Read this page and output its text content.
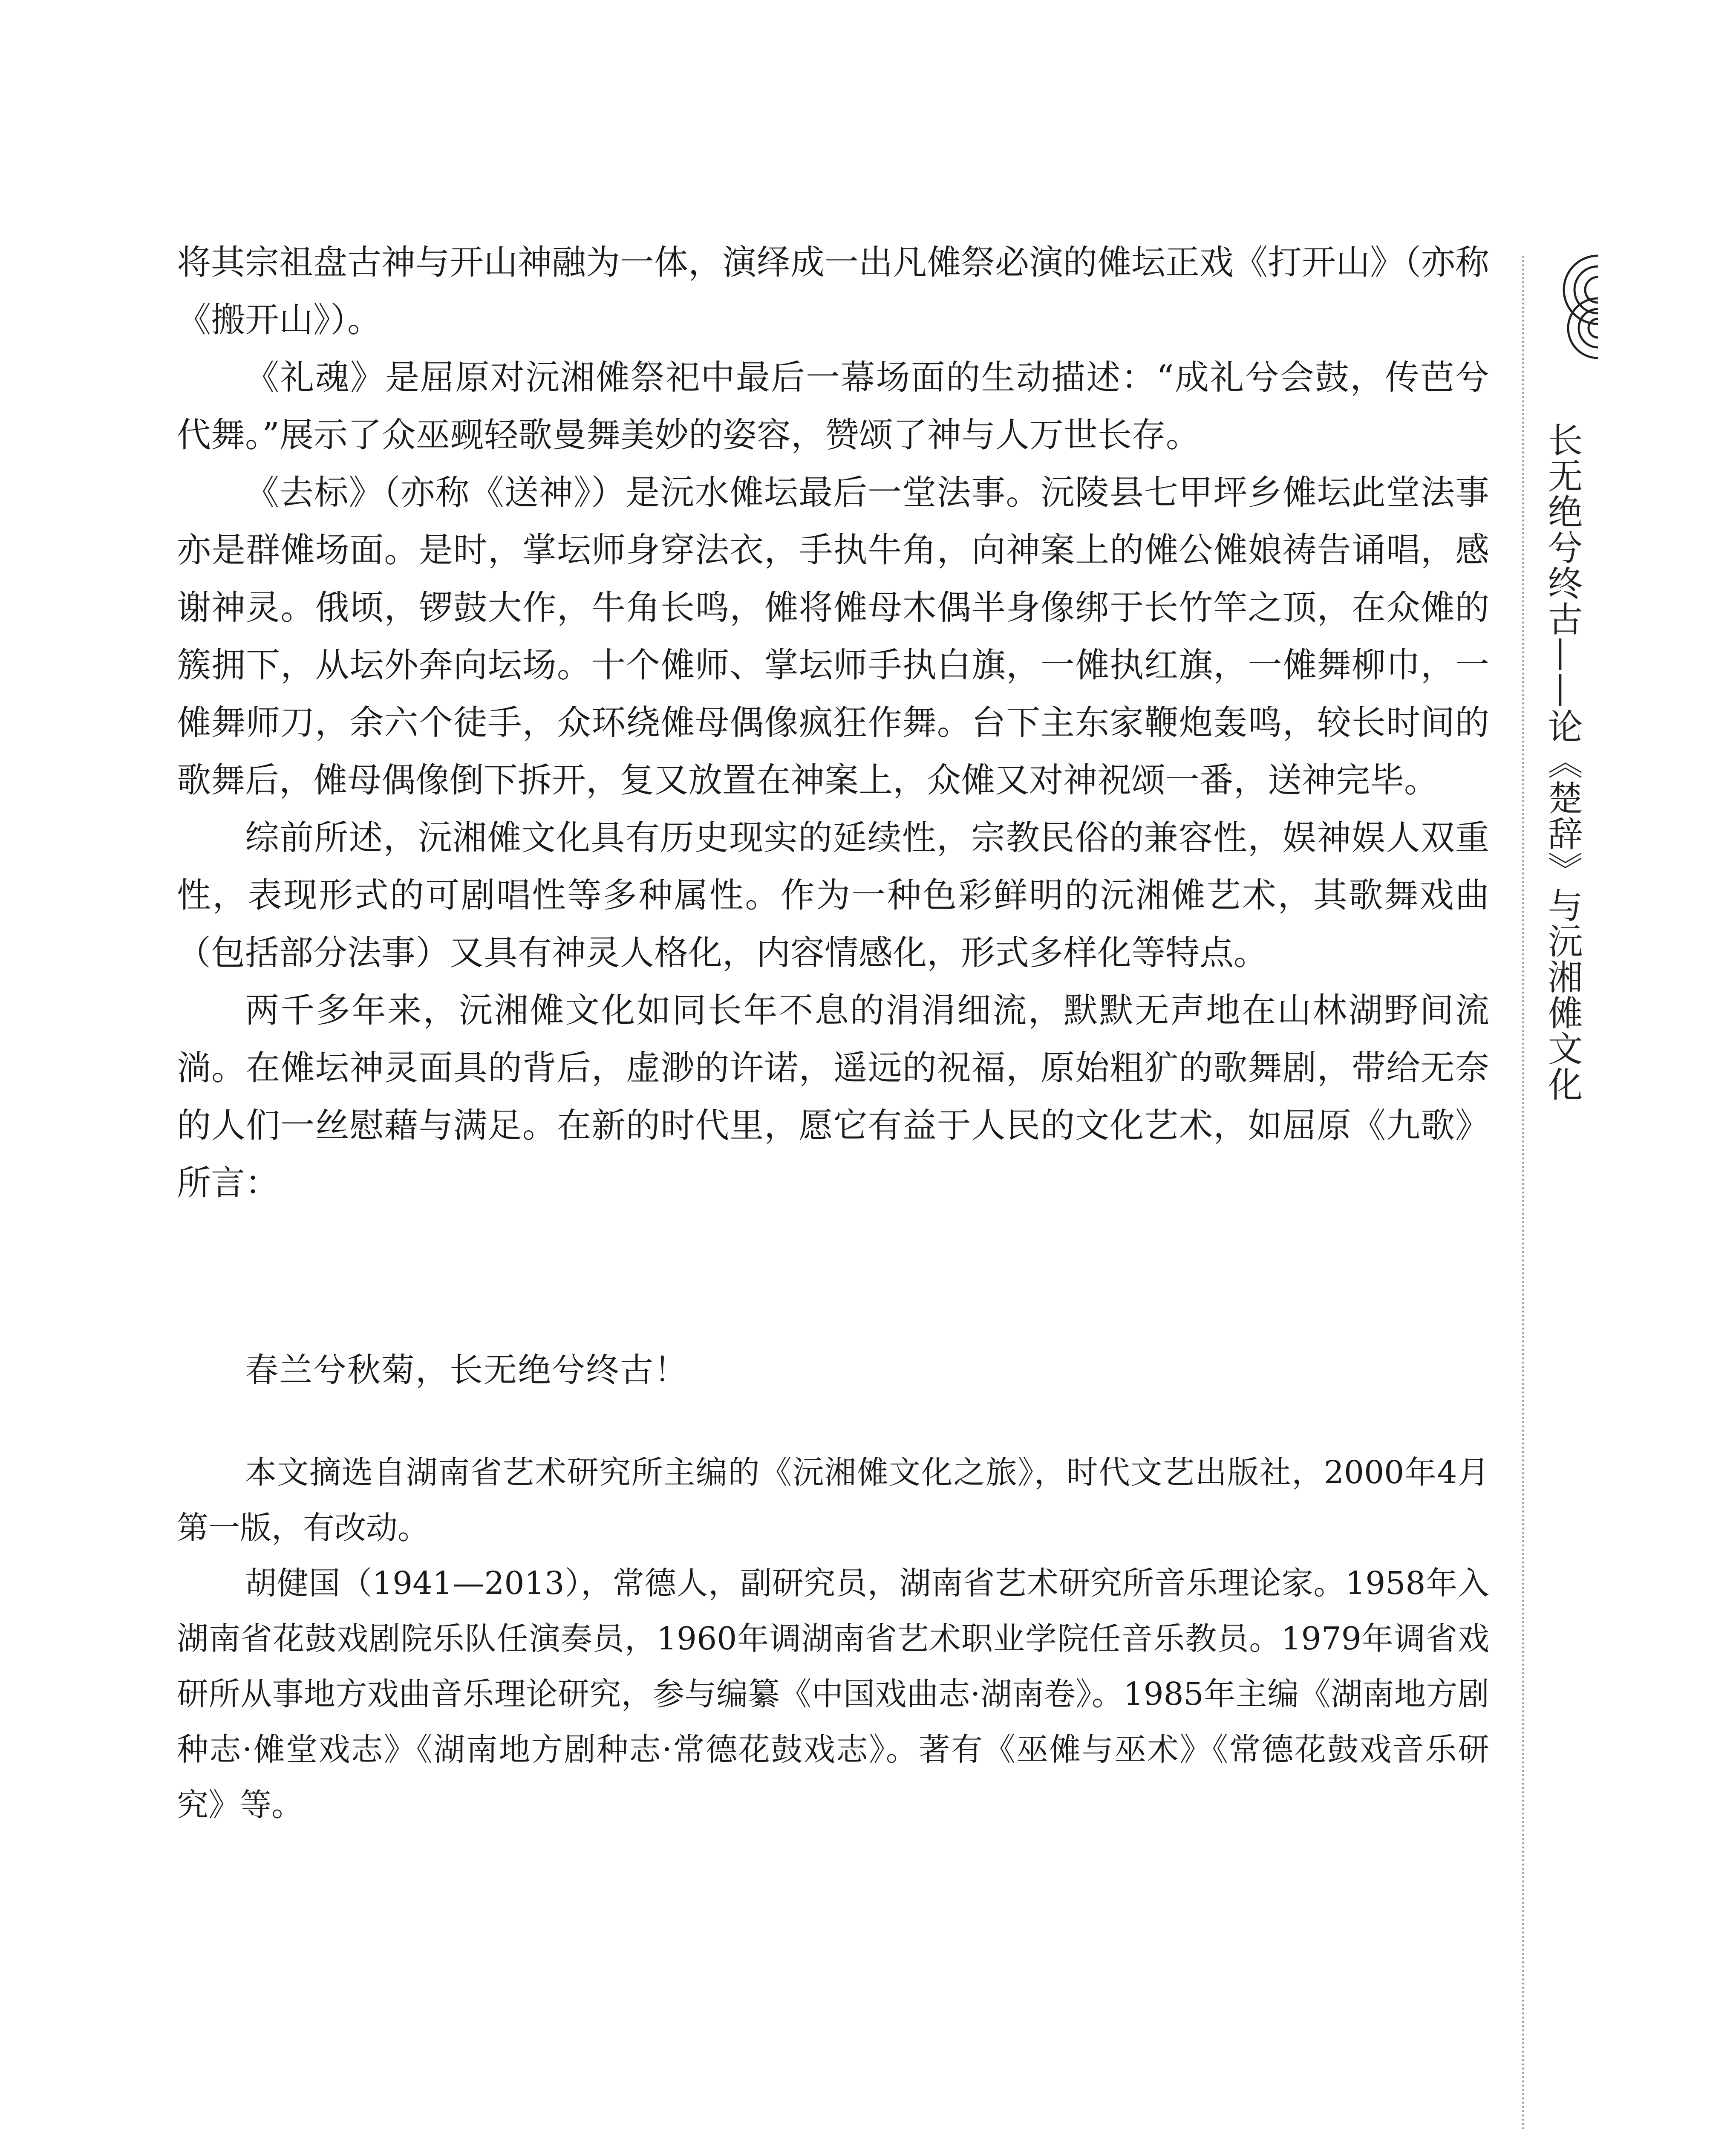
将其宗祖盘古神与开山神融为一体，演绎成一出凡傩祭必演的傩坛正戏《打开山》（亦称《搬开山》）。

《礼魂》是屈原对沅湘傩祭祀中最后一幕场面的生动描述：“成礼兮会鼓，传芭兮代舞。”展示了众巫觋轻歌曼舞美妙的姿容，赞颂了神与人万世长存。

《去标》（亦称《送神》）是沅水傩坛最后一堂法事。沅陵县七甲坪乡傩坛此堂法事亦是群傩场面。是时，掌坛师身穿法衣，手执牛角，向神案上的傩公傩娘祷告诵唱，感谢神灵。俄顷，锣鼓大作，牛角长鸣，傩将傩母木偶半身像绑于长竹竿之顶，在众傩的簇拥下，从坛外奔向坛场。十个傩师、掌坛师手执白旗，一傩执红旗，一傩舞柳巾，一傩舞师刀，余六个徒手，众环绕傩母偶像疯狂作舞。台下主东家鞭炮轰鸣，较长时间的歌舞后，傩母偶像倒下拆开，复又放置在神案上，众傩又对神祝颂一番，送神完毕。

综前所述，沅湘傩文化具有历史现实的延续性，宗教民俗的兼容性，娱神娱人双重性，表现形式的可剧唱性等多种属性。作为一种色彩鲜明的沅湘傩艺术，其歌舞戏曲（包括部分法事）又具有神灵人格化，内容情感化，形式多样化等特点。

两千多年来，沅湘傩文化如同长年不息的涓涓细流，默默无声地在山林湖野间流淌。在傩坛神灵面具的背后，虚渺的许诺，遥远的祝福，原始粗犷的歌舞剧，带给无奈的人们一丝慰藉与满足。在新的时代里，愿它有益于人民的文化艺术，如屈原《九歌》所言：

春兰兮秋菊，长无绝兮终古！

本文摘选自湖南省艺术研究所主编的《沅湘傩文化之旅》，时代文艺出版社，2000年4月第一版，有改动。

胡健国（1941—2013），常德人，副研究员，湖南省艺术研究所音乐理论家。1958年入湖南省花鼓戏剧院乐队任演奏员，1960年调湖南省艺术职业学院任音乐教员。1979年调省戏研所从事地方戏曲音乐理论研究，参与编纂《中国戏曲志·湖南卷》。1985年主编《湖南地方剧种志·傩堂戏志》《湖南地方剧种志·常德花鼓戏志》。著有《巫傩与巫术》《常德花鼓戏音乐研究》等。

长无绝兮终古——论《楚辞》与沅湘傩文化
